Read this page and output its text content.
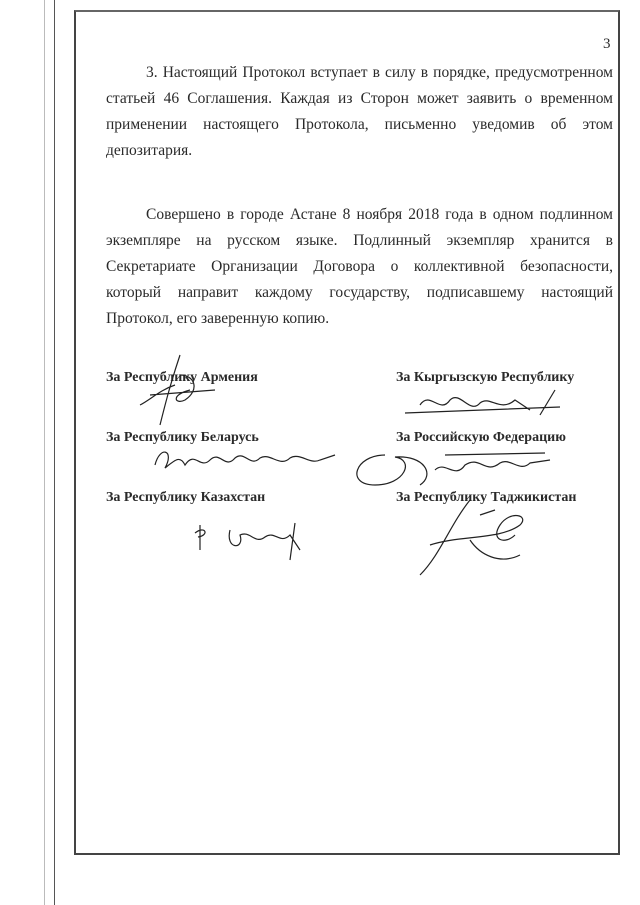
3
3. Настоящий Протокол вступает в силу в порядке, предусмотренном статьей 46 Соглашения. Каждая из Сторон может заявить о временном применении настоящего Протокола, письменно уведомив об этом депозитария.
Совершено в городе Астане 8 ноября 2018 года в одном подлинном экземпляре на русском языке. Подлинный экземпляр хранится в Секретариате Организации Договора о коллективной безопасности, который направит каждому государству, подписавшему настоящий Протокол, его заверенную копию.
За Республику Армения	За Кыргызскую Республику
За Республику Беларусь	За Российскую Федерацию
За Республику Казахстан	За Республику Таджикистан
